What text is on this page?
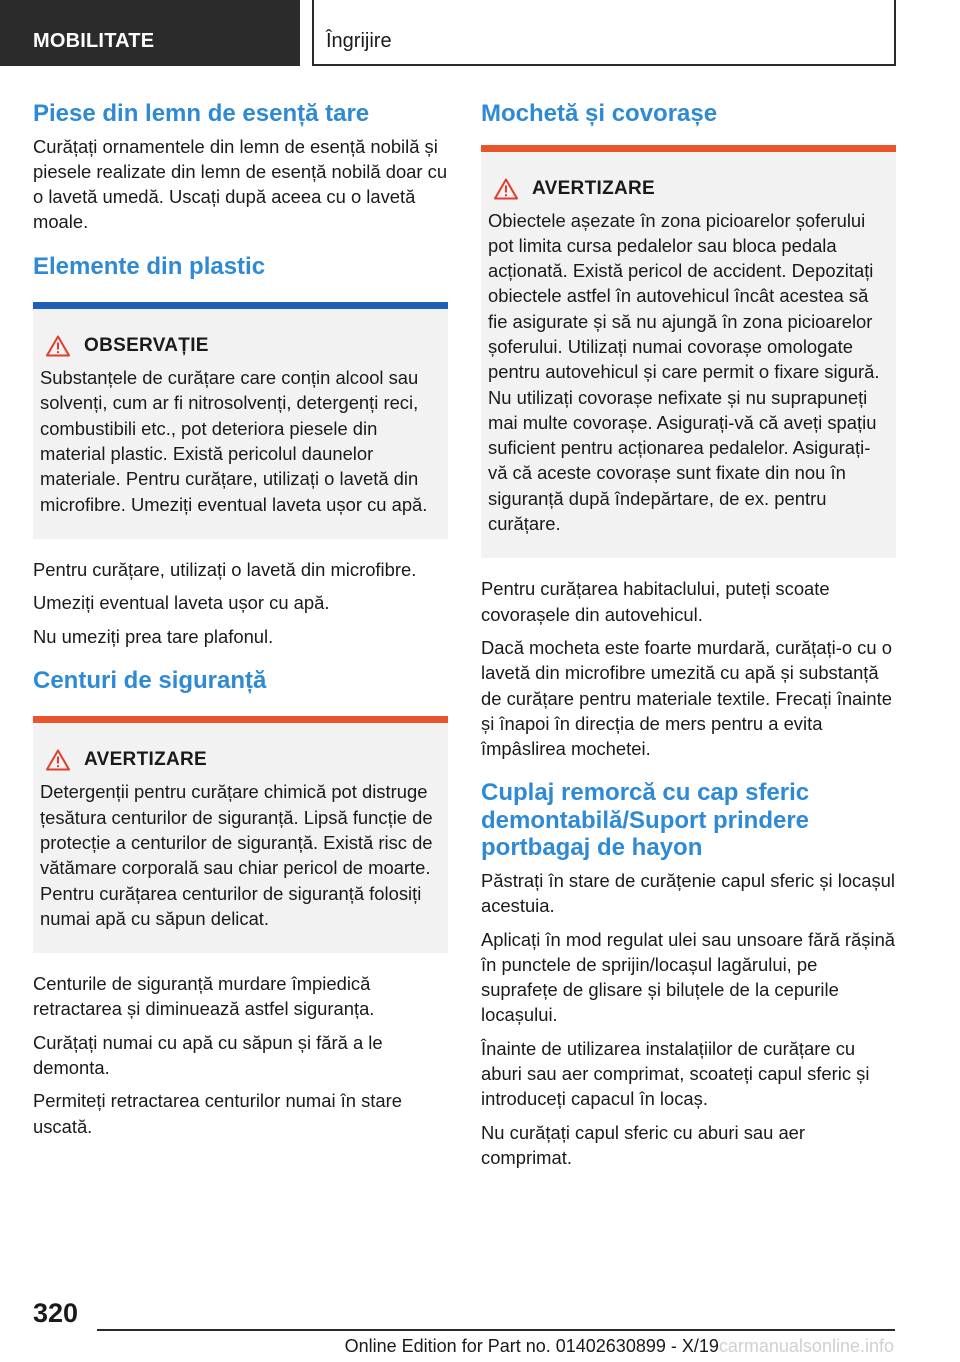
MOBILITATE	Îngrijire
Piese din lemn de esență tare

Curățați ornamentele din lemn de esență nobilă și piesele realizate din lemn de esență nobilă doar cu o lavetă umedă. Uscați după aceea cu o lavetă moale.

Elemente din plastic
OBSERVAȚIE

Substanțele de curățare care conțin alcool sau solvenți, cum ar fi nitrosolvenți, detergenți reci, combustibili etc., pot deteriora piesele din material plastic. Există pericolul daunelor materiale. Pentru curățare, utilizați o lavetă din microfibre. Umeziți eventual laveta ușor cu apă.

Pentru curățare, utilizați o lavetă din microfibre.

Umeziți eventual laveta ușor cu apă.

Nu umeziți prea tare plafonul.

Centuri de siguranță
AVERTIZARE

Detergenții pentru curățare chimică pot distruge țesătura centurilor de siguranță. Lipsă funcție de protecție a centurilor de siguranță. Există risc de vătămare corporală sau chiar pericol de moarte. Pentru curățarea centurilor de siguranță folosiți numai apă cu săpun delicat.

Centurile de siguranță murdare împiedică retractarea și diminuează astfel siguranța.

Curățați numai cu apă cu săpun și fără a le demonta.

Permiteți retractarea centurilor numai în stare uscată.

Mochetă și covorașe
AVERTIZARE

Obiectele așezate în zona picioarelor șoferului pot limita cursa pedalelor sau bloca pedala acționată. Există pericol de accident. Depozitați obiectele astfel în autovehicul încât acestea să fie asigurate și să nu ajungă în zona picioarelor șoferului. Utilizați numai covorașe omologate pentru autovehicul și care permit o fixare sigură. Nu utilizați covorașe nefixate și nu suprapuneți mai multe covorașe. Asigurați-vă că aveți spațiu suficient pentru acționarea pedalelor. Asigurați-vă că aceste covorașe sunt fixate din nou în siguranță după îndepărtare, de ex. pentru curățare.

Pentru curățarea habitaclului, puteți scoate covorașele din autovehicul.

Dacă mocheta este foarte murdară, curățați-o cu o lavetă din microfibre umezită cu apă și substanță de curățare pentru materiale textile. Frecați înainte și înapoi în direcția de mers pentru a evita împâslirea mochetei.

Cuplaj remorcă cu cap sferic demontabilă/Suport prindere portbagaj de hayon

Păstrați în stare de curățenie capul sferic și locașul acestuia.

Aplicați în mod regulat ulei sau unsoare fără rășină în punctele de sprijin/locașul lagărului, pe suprafețe de glisare și biluțele de la cepurile locașului.

Înainte de utilizarea instalațiilor de curățare cu aburi sau aer comprimat, scoateți capul sferic și introduceți capacul în locaș.

Nu curățați capul sferic cu aburi sau aer comprimat.

320
Online Edition for Part no. 01402630899 - X/19carmanualsonline.info
